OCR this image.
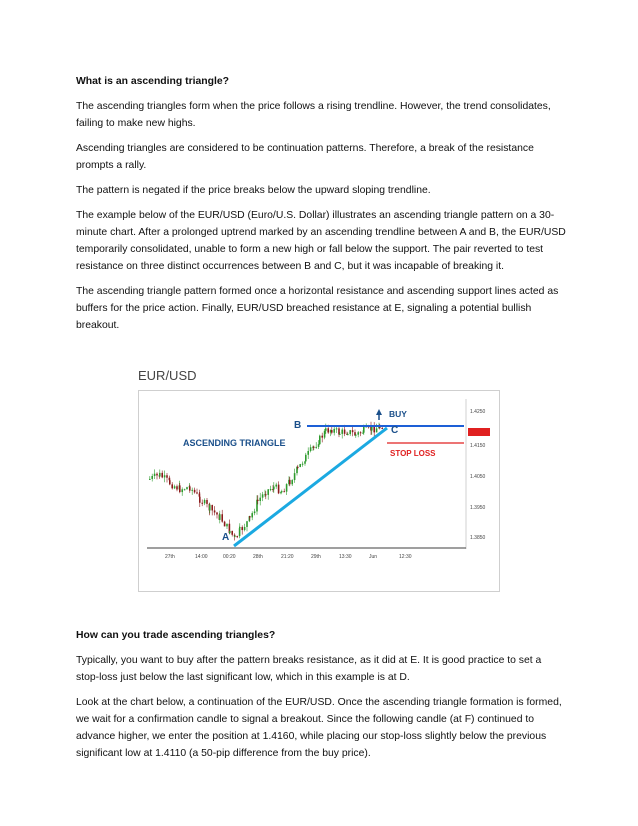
What is an ascending triangle?

The ascending triangles form when the price follows a rising trendline. However, the trend consolidates, failing to make new highs.

Ascending triangles are considered to be continuation patterns. Therefore, a break of the resistance prompts a rally.

The pattern is negated if the price breaks below the upward sloping trendline.

The example below of the EUR/USD (Euro/U.S. Dollar) illustrates an ascending triangle pattern on a 30-minute chart. After a prolonged uptrend marked by an ascending trendline between A and B, the EUR/USD temporarily consolidated, unable to form a new high or fall below the support. The pair reverted to test resistance on three distinct occurrences between B and C, but it was incapable of breaking it.

The ascending triangle pattern formed once a horizontal resistance and ascending support lines acted as buffers for the price action. Finally, EUR/USD breached resistance at E, signaling a potential bullish breakout.

EUR/USD
ASCENDING TRIANGLE
B	C
A
BUY
STOP LOSS
1.4250
1.4150
1.4050
1.3950
1.3850
27th	14:00	00:20	28th	21:20	29th	13:30	Jun	12:30

How can you trade ascending triangles?

Typically, you want to buy after the pattern breaks resistance, as it did at E. It is good practice to set a stop-loss just below the last significant low, which in this example is at D.

Look at the chart below, a continuation of the EUR/USD. Once the ascending triangle formation is formed, we wait for a confirmation candle to signal a breakout. Since the following candle (at F) continued to advance higher, we enter the position at 1.4160, while placing our stop-loss slightly below the previous significant low at 1.4110 (a 50-pip difference from the buy price).
